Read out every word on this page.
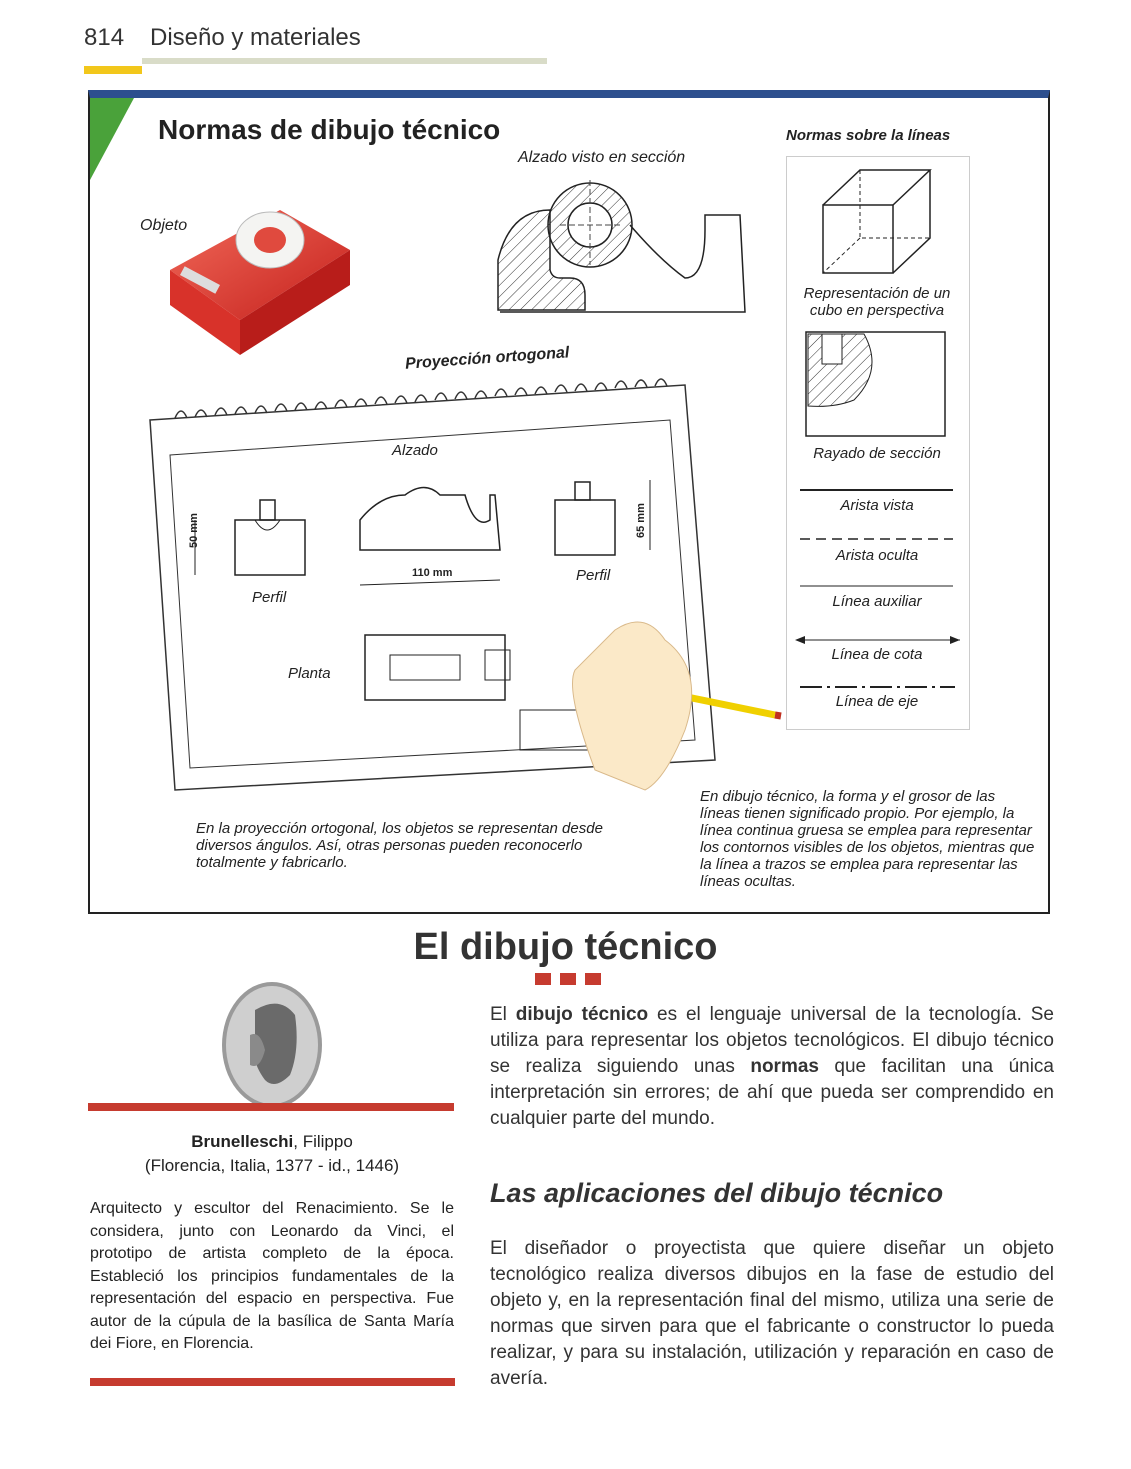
814 Diseño y materiales
Normas de dibujo técnico
Objeto
Alzado visto en sección
Proyección ortogonal
Alzado
110 mm
50 mm	65 mm
Perfil
Perfil
Planta
Normas sobre la líneas
Representación de un cubo en perspectiva
Rayado de sección
Arista vista
Arista oculta
Línea auxiliar
Línea de cota
Línea de eje
En la proyección ortogonal, los objetos se representan desde diversos ángulos. Así, otras personas pueden reconocerlo totalmente y fabricarlo.
En dibujo técnico, la forma y el grosor de las líneas tienen significado propio. Por ejemplo, la línea continua gruesa se emplea para representar los contornos visibles de los objetos, mientras que la línea a trazos se emplea para representar las líneas ocultas.
El dibujo técnico
El dibujo técnico es el lenguaje universal de la tecnología. Se utiliza para representar los objetos tecnológicos. El dibujo técnico se realiza siguiendo unas normas que facilitan una única interpretación sin errores; de ahí que pueda ser comprendido en cualquier parte del mundo.
Las aplicaciones del dibujo técnico
El diseñador o proyectista que quiere diseñar un objeto tecnológico realiza diversos dibujos en la fase de estudio del objeto y, en la representación final del mismo, utiliza una serie de normas que sirven para que el fabricante o constructor lo pueda realizar, y para su instalación, utilización y reparación en caso de avería.
Brunelleschi, Filippo
(Florencia, Italia, 1377 - id., 1446)
Arquitecto y escultor del Renacimiento. Se le considera, junto con Leonardo da Vinci, el prototipo de artista completo de la época. Estableció los principios fundamentales de la representación del espacio en perspectiva. Fue autor de la cúpula de la basílica de Santa María dei Fiore, en Florencia.
